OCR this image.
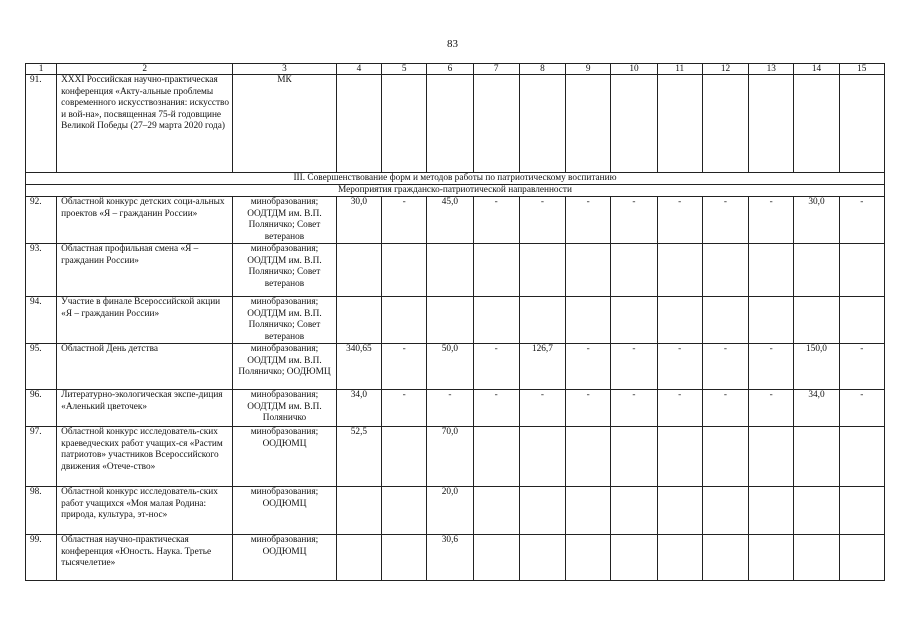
83
1	2	3	4	5	6	7	8	9	10	11	12	13	14	15
91.	XXXI Российская научно-практическая конференция «Акту-альные проблемы современного искусствознания: искусство и вой-на», посвященная 75-й годовщине Великой Победы (27–29 марта 2020 года)	МК												
III. Совершенствование форм и методов работы по патриотическому воспитанию														
Мероприятия гражданско-патриотической направленности														
92.	Областной конкурс детских соци-альных проектов «Я – гражданин России»	минобразования; ООДТДМ им. В.П. Поляничко; Совет ветеранов	30,0	-	45,0	-	-	-	-	-	-	-	30,0	-
93.	Областная профильная смена «Я – гражданин России»	минобразования; ООДТДМ им. В.П. Поляничко; Совет ветеранов												
94.	Участие в финале Всероссийской акции «Я – гражданин России»	минобразования; ООДТДМ им. В.П. Поляничко; Совет ветеранов												
95.	Областной День детства	минобразования; ООДТДМ им. В.П. Поляничко; ООДЮМЦ	340,65	-	50,0	-	126,7	-	-	-	-	-	150,0	-
96.	Литературно-экологическая экспе-диция «Аленький цветочек»	минобразования; ООДТДМ им. В.П. Поляничко	34,0	-	-	-	-	-	-	-	-	-	34,0	-
97.	Областной конкурс исследователь-ских краеведческих работ учащих-ся «Растим патриотов» участников Всероссийского движения «Отече-ство»	минобразования; ООДЮМЦ	52,5		70,0									
98.	Областной конкурс исследователь-ских работ учащихся «Моя малая Родина: природа, культура, эт-нос»	минобразования; ООДЮМЦ			20,0									
99.	Областная научно-практическая конференция «Юность. Наука. Третье тысячелетие»	минобразования; ООДЮМЦ			30,6									
